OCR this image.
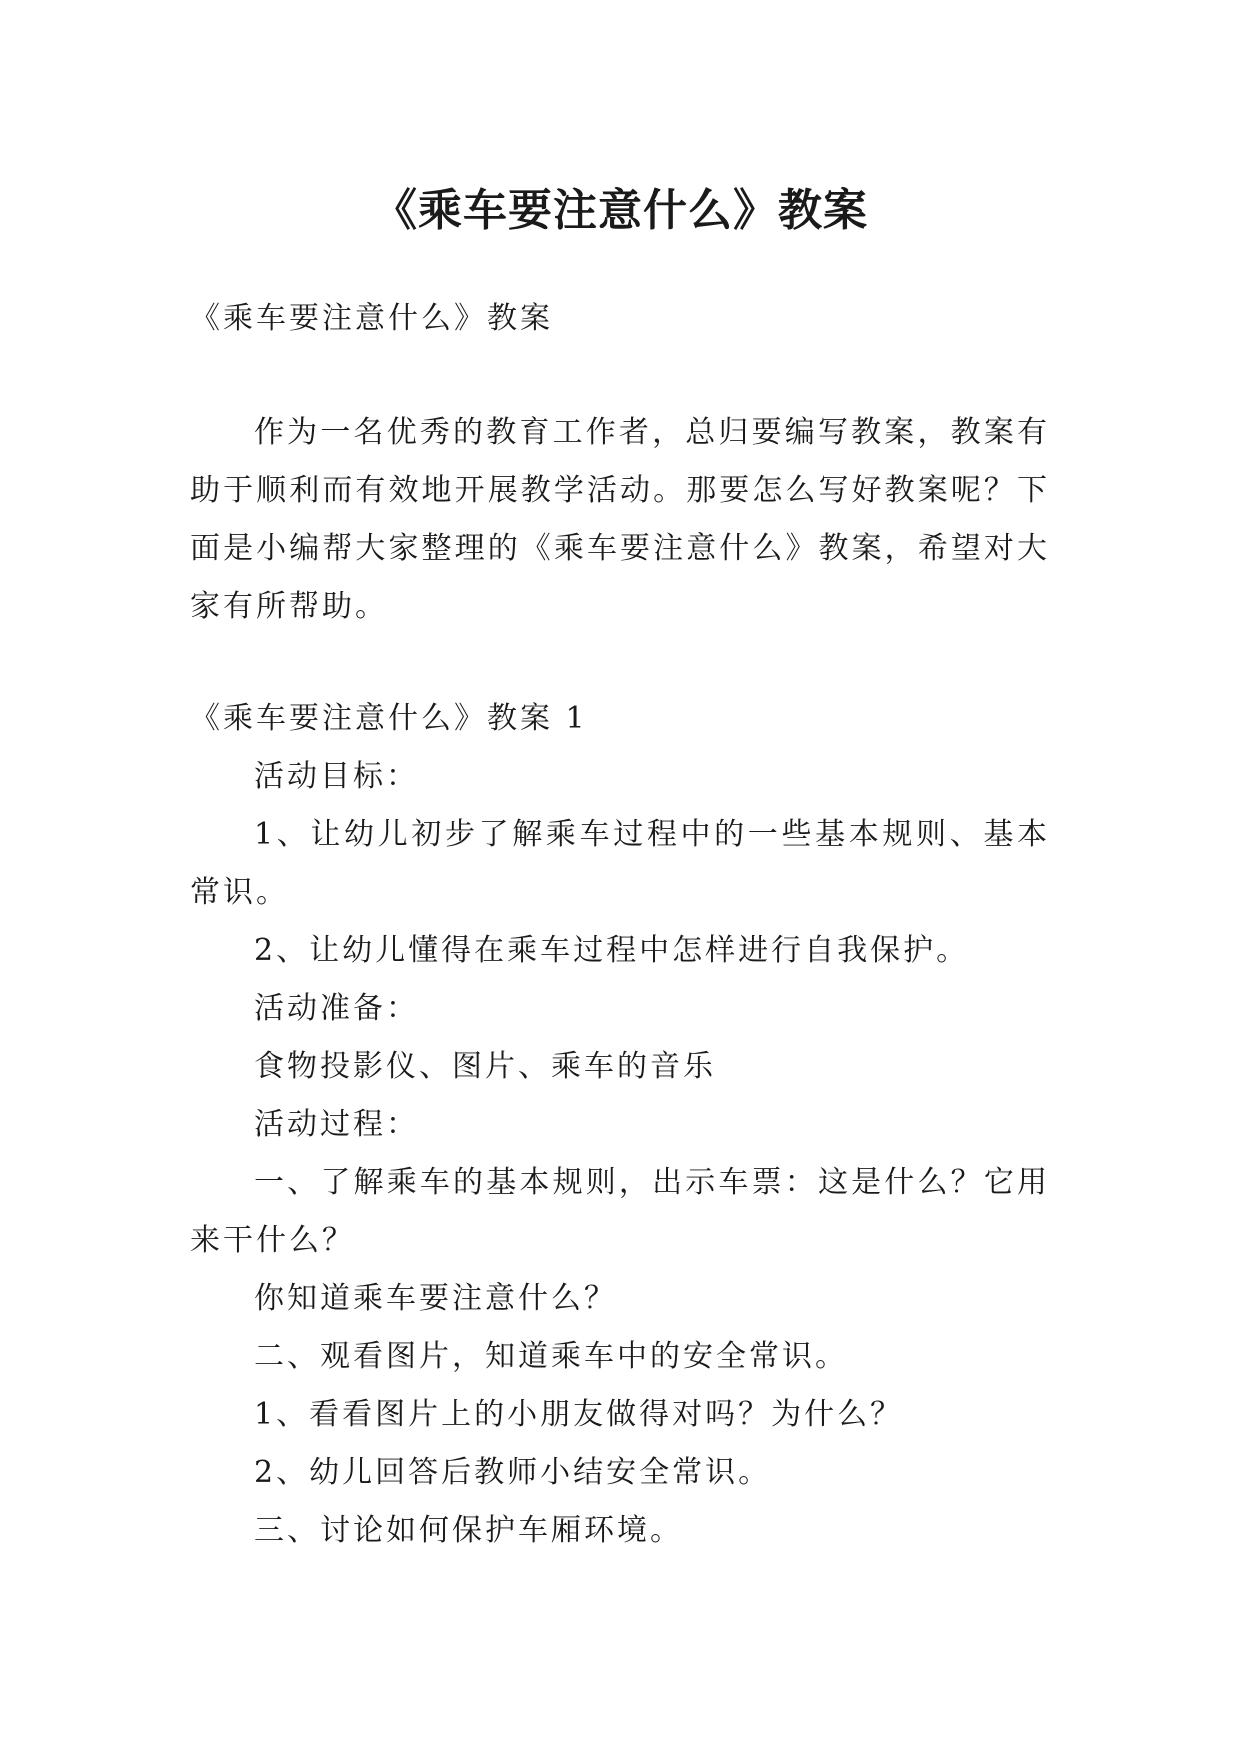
《乘车要注意什么》教案

《乘车要注意什么》教案

作为一名优秀的教育工作者，总归要编写教案，教案有助于顺利而有效地开展教学活动。那要怎么写好教案呢？下面是小编帮大家整理的《乘车要注意什么》教案，希望对大家有所帮助。

《乘车要注意什么》教案 1

活动目标：

1、让幼儿初步了解乘车过程中的一些基本规则、基本常识。

2、让幼儿懂得在乘车过程中怎样进行自我保护。

活动准备：

食物投影仪、图片、乘车的音乐

活动过程：

一、了解乘车的基本规则，出示车票：这是什么？它用来干什么？

你知道乘车要注意什么？

二、观看图片，知道乘车中的安全常识。

1、看看图片上的小朋友做得对吗？为什么？

2、幼儿回答后教师小结安全常识。

三、讨论如何保护车厢环境。
